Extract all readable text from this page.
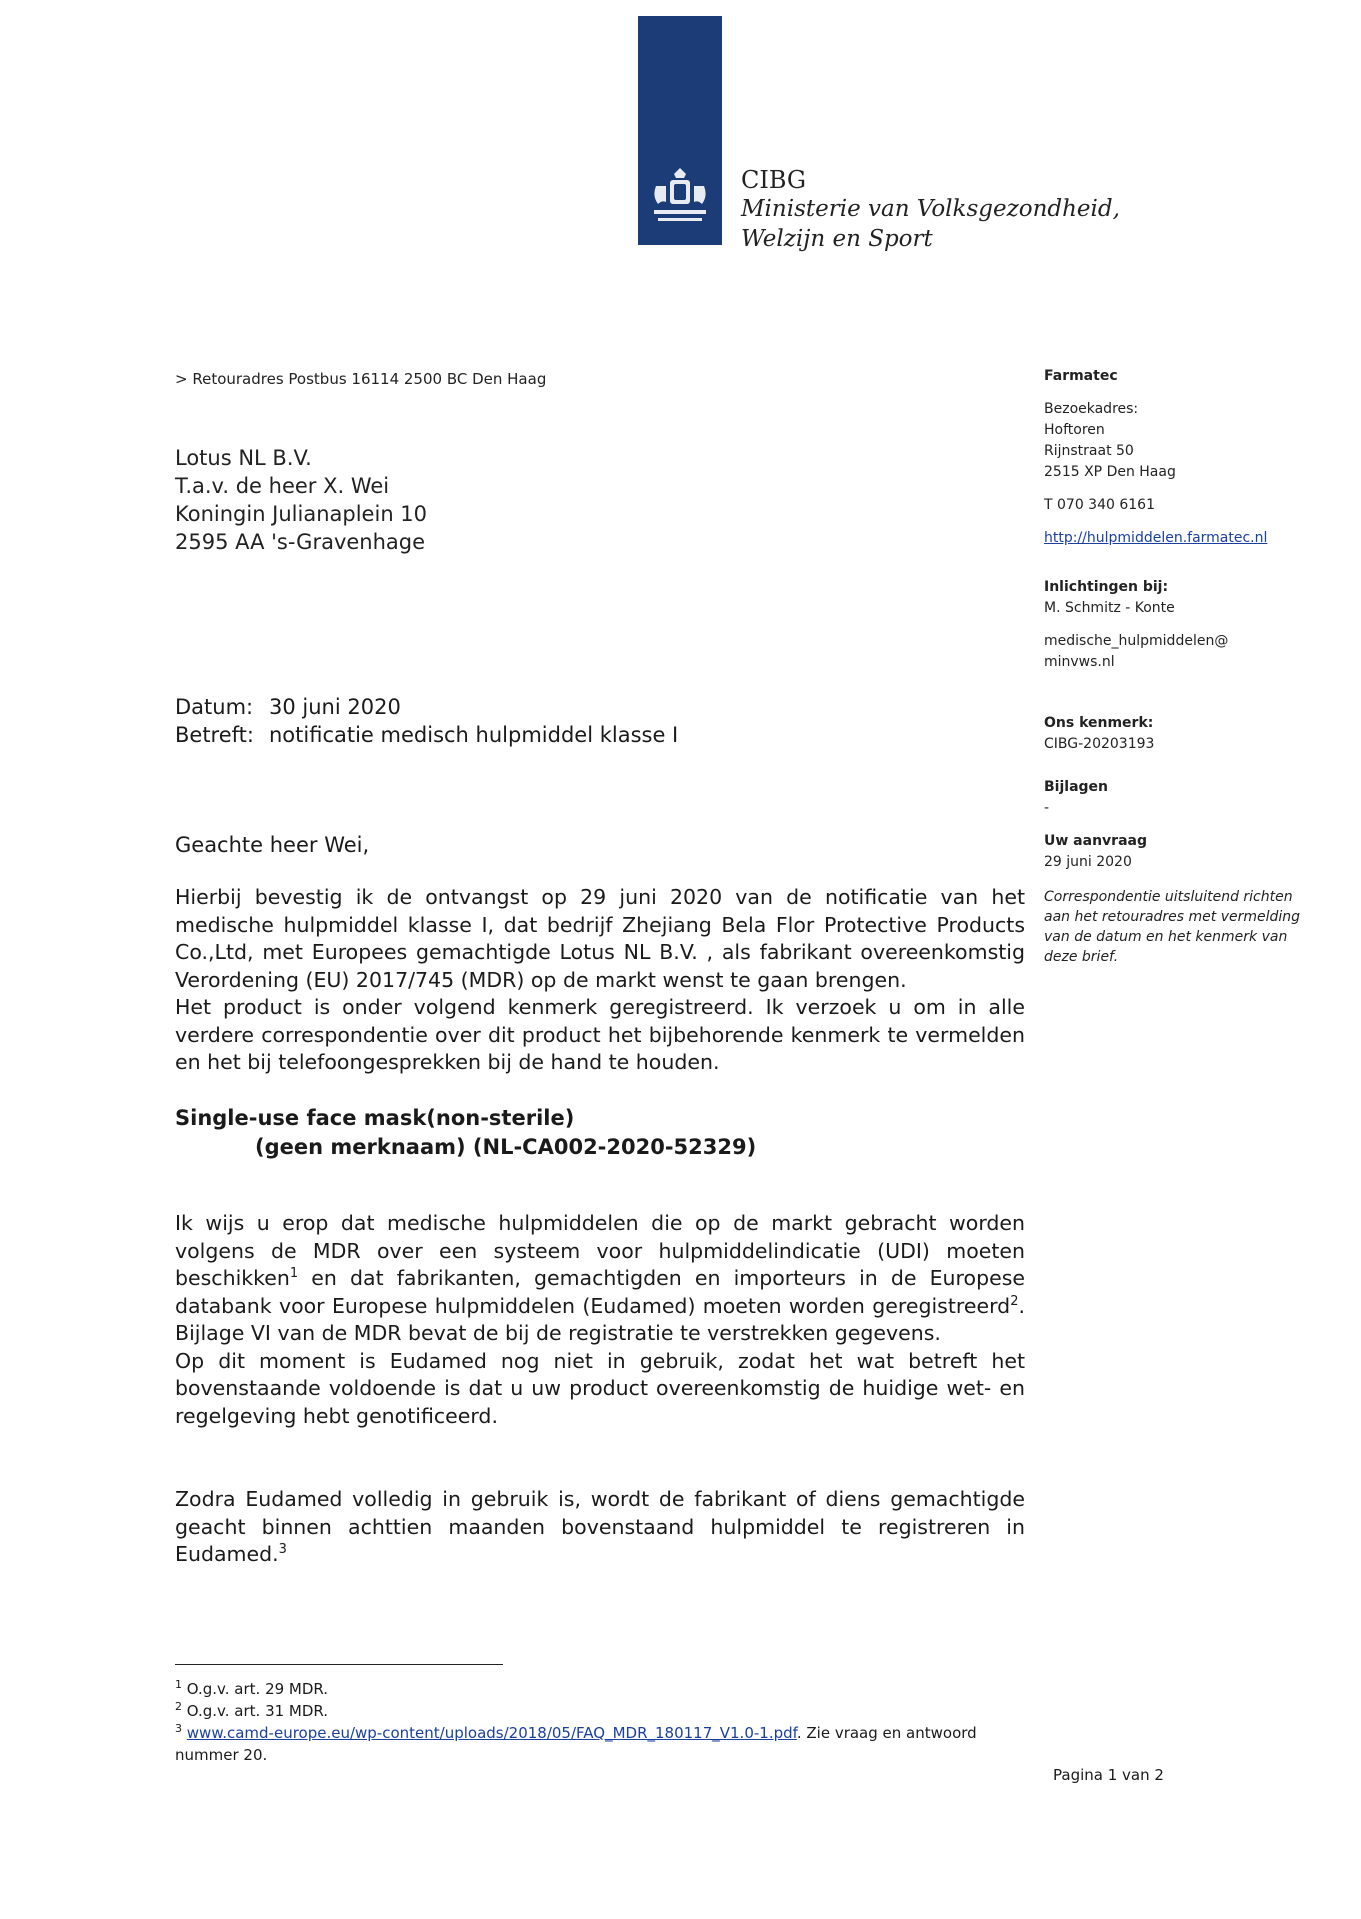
CIBG
Ministerie van Volksgezondheid,
Welzijn en Sport
> Retouradres Postbus 16114 2500 BC Den Haag
Lotus NL B.V.
T.a.v. de heer X. Wei
Koningin Julianaplein 10
2595 AA 's-Gravenhage
Farmatec
Bezoekadres:
Hoftoren
Rijnstraat 50
2515 XP Den Haag
T 070 340 6161
http://hulpmiddelen.farmatec.nl
Inlichtingen bij:
M. Schmitz - Konte
medische_hulpmiddelen@
minvws.nl
Ons kenmerk:
CIBG-20203193
Bijlagen
-
Uw aanvraag
29 juni 2020
Correspondentie uitsluitend richten aan het retouradres met vermelding van de datum en het kenmerk van deze brief.
Datum: 30 juni 2020
Betreft: notificatie medisch hulpmiddel klasse I
Geachte heer Wei,
Hierbij bevestig ik de ontvangst op 29 juni 2020 van de notificatie van het medische hulpmiddel klasse I, dat bedrijf Zhejiang Bela Flor Protective Products Co.,Ltd, met Europees gemachtigde Lotus NL B.V. , als fabrikant overeenkomstig Verordening (EU) 2017/745 (MDR) op de markt wenst te gaan brengen.
Het product is onder volgend kenmerk geregistreerd. Ik verzoek u om in alle verdere correspondentie over dit product het bijbehorende kenmerk te vermelden en het bij telefoongesprekken bij de hand te houden.
Single-use face mask(non-sterile)
(geen merknaam) (NL-CA002-2020-52329)
Ik wijs u erop dat medische hulpmiddelen die op de markt gebracht worden volgens de MDR over een systeem voor hulpmiddelindicatie (UDI) moeten beschikken$^1$ en dat fabrikanten, gemachtigden en importeurs in de Europese databank voor Europese hulpmiddelen (Eudamed) moeten worden geregistreerd$^2$. Bijlage VI van de MDR bevat de bij de registratie te verstrekken gegevens.
Op dit moment is Eudamed nog niet in gebruik, zodat het wat betreft het bovenstaande voldoende is dat u uw product overeenkomstig de huidige wet- en regelgeving hebt genotificeerd.
Zodra Eudamed volledig in gebruik is, wordt de fabrikant of diens gemachtigde geacht binnen achttien maanden bovenstaand hulpmiddel te registreren in Eudamed.$^3$
$^1$ O.g.v. art. 29 MDR.
$^2$ O.g.v. art. 31 MDR.
$^3$ www.camd-europe.eu/wp-content/uploads/2018/05/FAQ_MDR_180117_V1.0-1.pdf. Zie vraag en antwoord nummer 20.
Pagina 1 van 2
